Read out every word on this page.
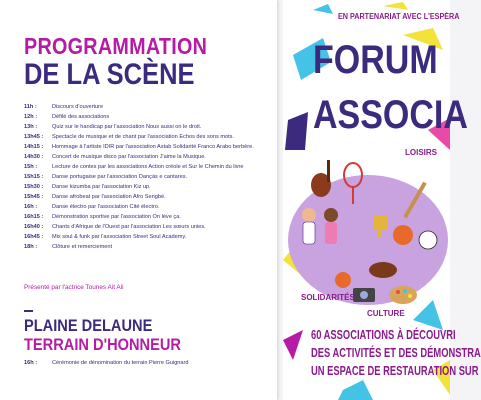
PROGRAMMATION
DE LA SCÈNE
11h :	Discours d'ouverture
12h :	Défilé des associations
13h :	Quiz sur le handicap par l'association Nous aussi on le droit.
13h45 :	Spectacle de musique et de chant par l'association Echos des sons mots.
14h15 :	Hommage à l'artiste IDIR par l'association Astab Solidarité Franco Arabo berbère.
14h30 :	Concert de musique disco par l'association J'aime la Musique.
15h :	Lecture de contes par les associations Action créole et Sur le Chemin du livre
15h15 :	Danse portugaise par l'association Dançás e cantares.
15h30 :	Danse kizumba par l'association Kiz up.
15h45 :	Danse afrobeat par l'association Afro Sengbé.
16h :	Danse électro par l'association Cité électro.
16h15 :	Démonstration sportive par l'association On lève ça.
16h40 :	Chants d'Afrique de l'Ouest par l'association Les sœurs unies.
16h45 :	Mix soul & funk par l'association Street Soul Academy.
18h :	Clôture et remerciement
Présenté par l'actrice Tounes Ait Ali
PLAINE DELAUNE
TERRAIN D'HONNEUR
16h :	Cérémonie de dénomination du terrain Pierre Guignard
EN PARTENARIAT AVEC L'ESPÉRA
FORUM
ASSOCIA
LOISIRS
SOLIDARITÉS
CULTURE
60 ASSOCIATIONS À DÉCOUVRI
DES ACTIVITÉS ET DES DÉMONSTRA
UN ESPACE DE RESTAURATION SUR
